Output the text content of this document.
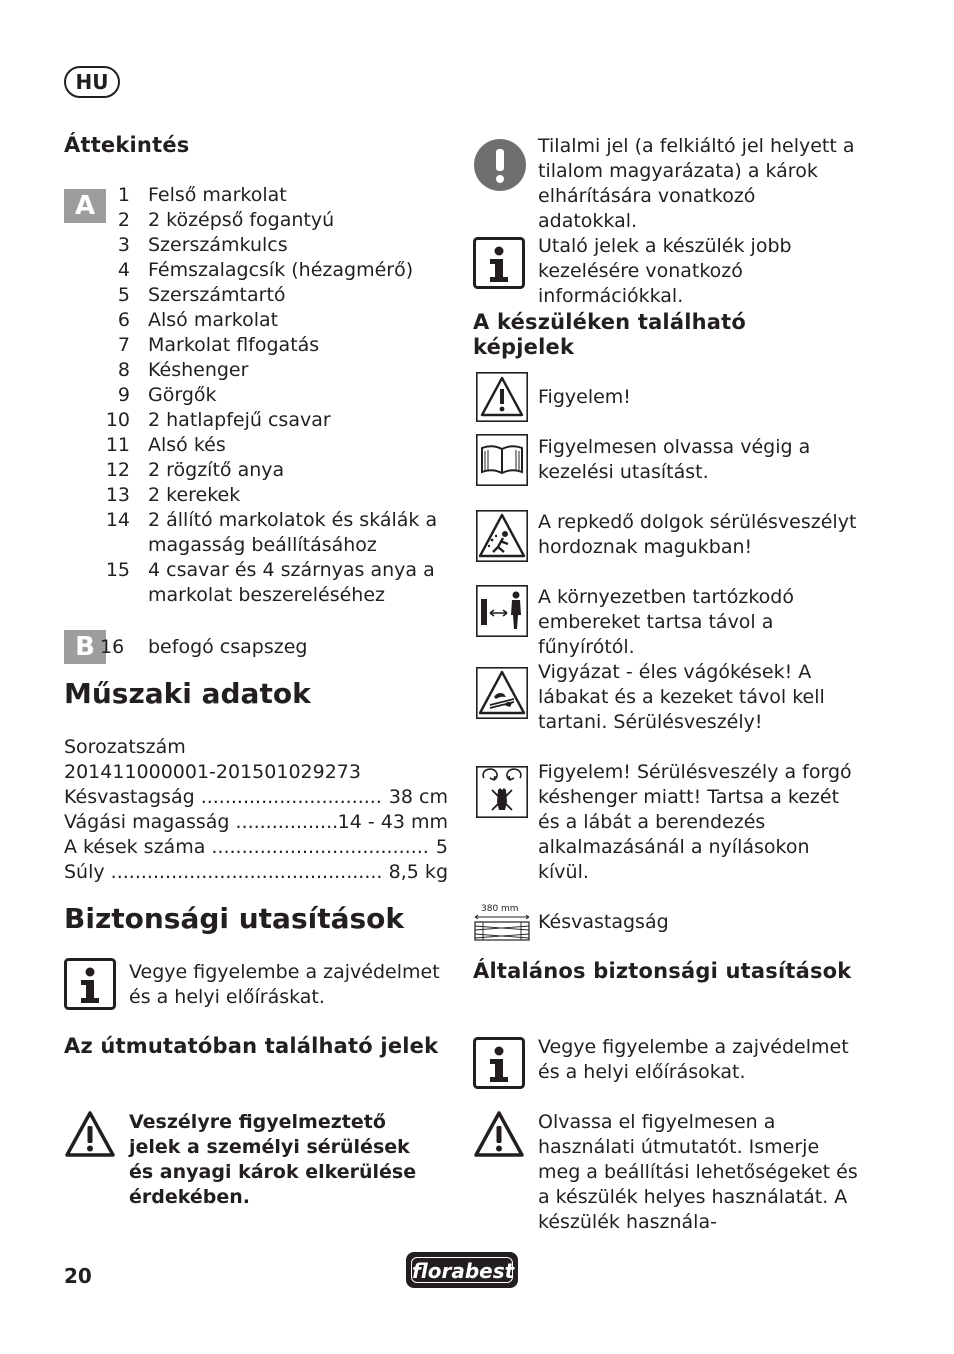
HU
Áttekintés
A	1 Felső markolat
2 2 középső fogantyú
3 Szerszámkulcs
4 Fémszalagcsík (hézagmérő)
5 Szerszámtartó
6 Alsó markolat
7 Markolat flfogatás
8 Késhenger
9 Görgők
10 2 hatlapfejű csavar
11 Alsó kés
12 2 rögzítő anya
13 2 kerekek
14 2 állító markolatok és skálák a magasság beállításához
15 4 csavar és 4 szárnyas anya a markolat beszereléséhez
B 16	befogó csapszeg
Műszaki adatok
Sorozatszám
201411000001-201501029273
Késvastagság .....	38 cm
Vágási magasság .....	14 - 43 mm
A kések száma .....	5
Súly .....	8,5 kg
Biztonsági utasítások
Vegye figyelembe a zajvédelmet és a helyi előíráskat.
Az útmutatóban található jelek
Veszélyre figyelmeztető jelek a személyi sérülések és anyagi károk elkerülése érdekében.
Tilalmi jel (a felkiáltó jel helyett a tilalom magyarázata) a károk elhárítására vonatkozó adatokkal.
Utaló jelek a készülék jobb kezelésére vonatkozó információkkal.
A készüléken található képjelek
Figyelem!
Figyelmesen olvassa végig a kezelési utasítást.
A repkedő dolgok sérülésveszélyt hordoznak magukban!
A környezetben tartózkodó embereket tartsa távol a fűnyírótól.
Vigyázat - éles vágókések! A lábakat és a kezeket távol kell tartani. Sérülésveszély!
Figyelem! Sérülésveszély a forgó késhenger miatt! Tartsa a kezét és a lábát a berendezés alkalmazásánál a nyílásokon kívül.
380 mm
Késvastagság
Általános biztonsági utasítások
Vegye figyelembe a zajvédelmet és a helyi előírásokat.
Olvassa el figyelmesen a használati útmutatót. Ismerje meg a beállítási lehetőségeket és a készülék helyes használatát. A készülék használa-
20	florabest
